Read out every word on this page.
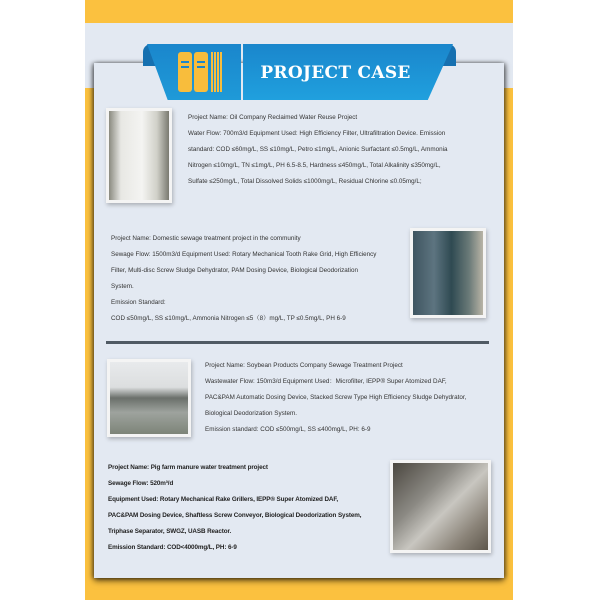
PROJECT CASE

Project Name: Oil Company Reclaimed Water Reuse Project

Water Flow: 700m3/d Equipment Used: High Efficiency Filter, Ultrafiltration Device. Emission

standard: COD ≤60mg/L, SS ≤10mg/L, Petro ≤1mg/L, Anionic Surfactant ≤0.5mg/L, Ammonia

Nitrogen ≤10mg/L, TN ≤1mg/L, PH 6.5-8.5, Hardness ≤450mg/L, Total Alkalinity ≤350mg/L,

Sulfate ≤250mg/L, Total Dissolved Solids ≤1000mg/L, Residual Chlorine ≤0.05mg/L;

Project Name: Domestic sewage treatment project in the community

Sewage Flow: 1500m3/d Equipment Used: Rotary Mechanical Tooth Rake Grid, High Efficiency

Filter, Multi-disc Screw Sludge Dehydrator, PAM Dosing Device, Biological Deodorization

System.

Emission Standard:

COD ≤50mg/L, SS ≤10mg/L, Ammonia Nitrogen ≤5（8）mg/L, TP ≤0.5mg/L, PH 6-9

Project Name: Soybean Products Company Sewage Treatment Project

Wastewater Flow: 150m3/d Equipment Used：Microfilter, IEPP® Super Atomized DAF,

PAC&PAM Automatic Dosing Device, Stacked Screw Type High Efficiency Sludge Dehydrator,

Biological Deodorization System.

Emission standard: COD ≤500mg/L, SS ≤400mg/L, PH: 6-9

Project Name: Pig farm manure water treatment project

Sewage Flow: 520m³/d

Equipment Used: Rotary Mechanical Rake Grillers, IEPP® Super Atomized DAF,

PAC&PAM Dosing Device, Shaftless Screw Conveyor, Biological Deodorization System,

Triphase Separator, SWGZ, UASB Reactor.

Emission Standard: COD<4000mg/L, PH: 6-9
